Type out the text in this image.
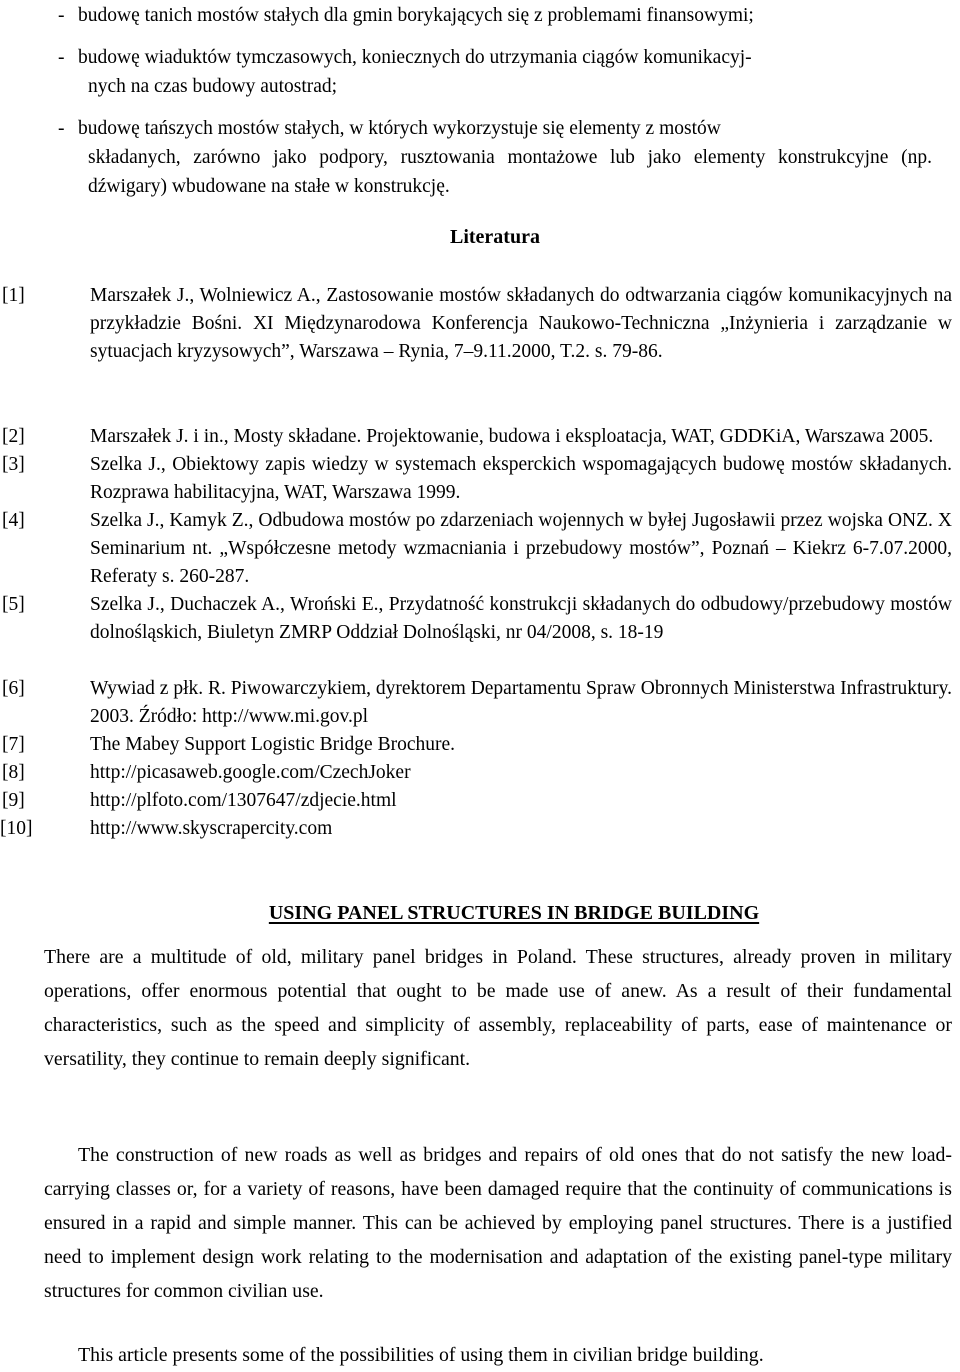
- budowę tanich mostów stałych dla gmin borykających się z problemami finansowymi;
- budowę wiaduktów tymczasowych, koniecznych do utrzymania ciągów komunikacyj-
nych na czas budowy autostrad;
- budowę tańszych mostów stałych, w których wykorzystuje się elementy z mostów
składanych, zarówno jako podpory, rusztowania montażowe lub jako elementy konstrukcyjne (np. dźwigary) wbudowane na stałe w konstrukcję.
Literatura
[1]	Marszałek J., Wolniewicz A., Zastosowanie mostów składanych do odtwarzania ciągów komunikacyjnych na przykładzie Bośni. XI Międzynarodowa Konferencja Naukowo-Techniczna „Inżynieria i zarządzanie w sytuacjach kryzysowych”, Warszawa – Rynia, 7–9.11.2000, T.2. s. 79-86.
[2]	Marszałek J. i in., Mosty składane. Projektowanie, budowa i eksploatacja, WAT, GDDKiA, Warszawa 2005.
[3]	Szelka J., Obiektowy zapis wiedzy w systemach eksperckich wspomagających budowę mostów składanych. Rozprawa habilitacyjna, WAT, Warszawa 1999.
[4]	Szelka J., Kamyk Z., Odbudowa mostów po zdarzeniach wojennych w byłej Jugosławii przez wojska ONZ. X Seminarium nt. „Współczesne metody wzmacniania i przebudowy mostów”, Poznań – Kiekrz 6-7.07.2000, Referaty s. 260-287.
[5]	Szelka J., Duchaczek A., Wroński E., Przydatność konstrukcji składanych do odbudowy/przebudowy mostów dolnośląskich, Biuletyn ZMRP Oddział Dolnośląski, nr 04/2008, s. 18-19
[6]	Wywiad z płk. R. Piwowarczykiem, dyrektorem Departamentu Spraw Obronnych Ministerstwa Infrastruktury. 2003. Źródło: http://www.mi.gov.pl
[7]	The Mabey Support Logistic Bridge Brochure.
[8]	http://picasaweb.google.com/CzechJoker
[9]	http://plfoto.com/1307647/zdjecie.html
[10]	http://www.skyscrapercity.com
USING PANEL STRUCTURES IN BRIDGE BUILDING
There are a multitude of old, military panel bridges in Poland. These structures, already proven in military operations, offer enormous potential that ought to be made use of anew. As a result of their fundamental characteristics, such as the speed and simplicity of assembly, replaceability of parts, ease of maintenance or versatility, they continue to remain deeply significant.
The construction of new roads as well as bridges and repairs of old ones that do not satisfy the new load-carrying classes or, for a variety of reasons, have been damaged require that the continuity of communications is ensured in a rapid and simple manner. This can be achieved by employing panel structures. There is a justified need to implement design work relating to the modernisation and adaptation of the existing panel-type military structures for common civilian use.
This article presents some of the possibilities of using them in civilian bridge building.
